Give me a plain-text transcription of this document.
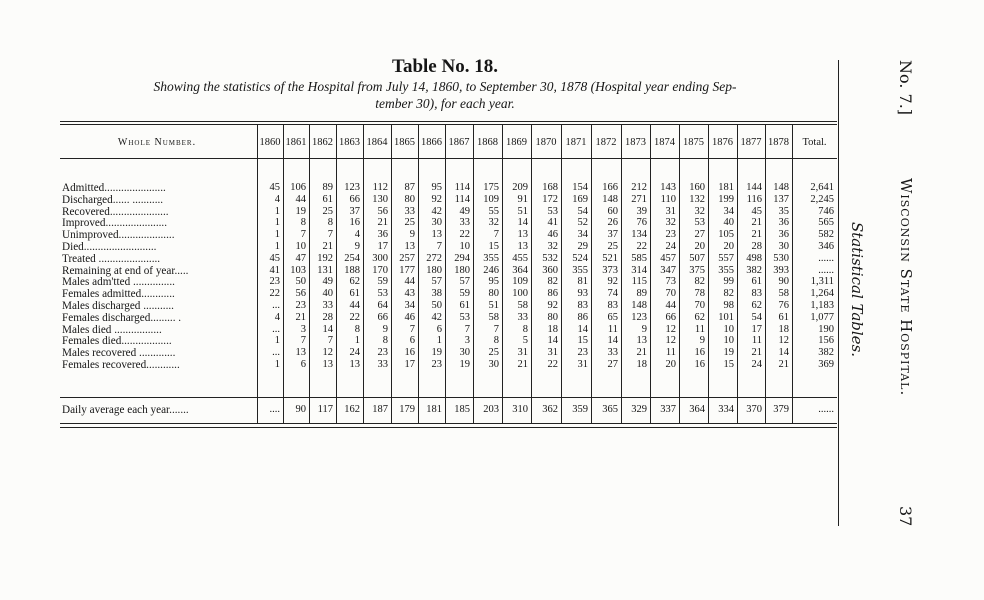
Table No. 18.
Showing the statistics of the Hospital from July 14, 1860, to September 30, 1878 (Hospital year ending Sep-
tember 30), for each year.
Whole Number.	1860 1861 1862 1863 1864 1865 1866 1867 1868 1869 1870 1871 1872 1873 1874 1875 1876 1877 1878	Total.
Admitted......................	45 106	89	123	112	87	95	114	175	209	168	154	166	212	143	160	181	144	148	2,641
Discharged...... ...........	4	44	61	66	130	80	92	114	109	91	172	169	148	271	110	132	199	116	137	2,245
Recovered.....................	1	19	25	37	56	33	42	49	55	51	53	54	60	39	31	32	34	45	35	746
Improved......................	1	8	8	16	21	25	30	33	32	14	41	52	26	76	32	53	40	21	36	565
Unimproved....................	1	7	7	4	36	9	13	22	7	13	46	34	37	134	23	27	105	21	36	582
Died..........................	1	10	21	9	17	13	7	10	15	13	32	29	25	22	24	20	20	28	30	346
Treated ......................	45	47	192	254	300	257	272	294	355	455	532	524	521	585	457	507	557	498	530	......
Remaining at end of year.....	41 103	131	188	170	177	180	180	246	364	360	355	373	314	347	375	355	382	393	......
Males adm'tted ...............	23	50	49	62	59	44	57	57	95	109	82	81	92	115	73	82	99	61	90	1,311
Females admitted............	22	56	40	61	53	43	38	59	80	100	86	93	74	89	70	78	82	83	58	1,264
Males discharged ...........	...	23	33	44	64	34	50	61	51	58	92	83	83	148	44	70	98	62	76	1,183
Females discharged......... .	4	21	28	22	66	46	42	53	58	33	80	86	65	123	66	62	101	54	61	1,077
Males died .................	...	3	14	8	9	7	6	7	7	8	18	14	11	9	12	11	10	17	18	190
Females died..................	1	7	7	1	8	6	1	3	8	5	14	15	14	13	12	9	10	11	12	156
Males recovered .............	...	13	12	24	23	16	19	30	25	31	31	23	33	21	11	16	19	21	14	382
Females recovered............	1	6	13	13	33	17	23	19	30	21	22	31	27	18	20	16	15	24	21	369
Daily average each year.......	....	90	117	162	187	179	181	185	203	310	362	359	365	329	337	364	334	370	379	......
Statistical Tables.
No. 7.]
Wisconsin State Hospital.
37
